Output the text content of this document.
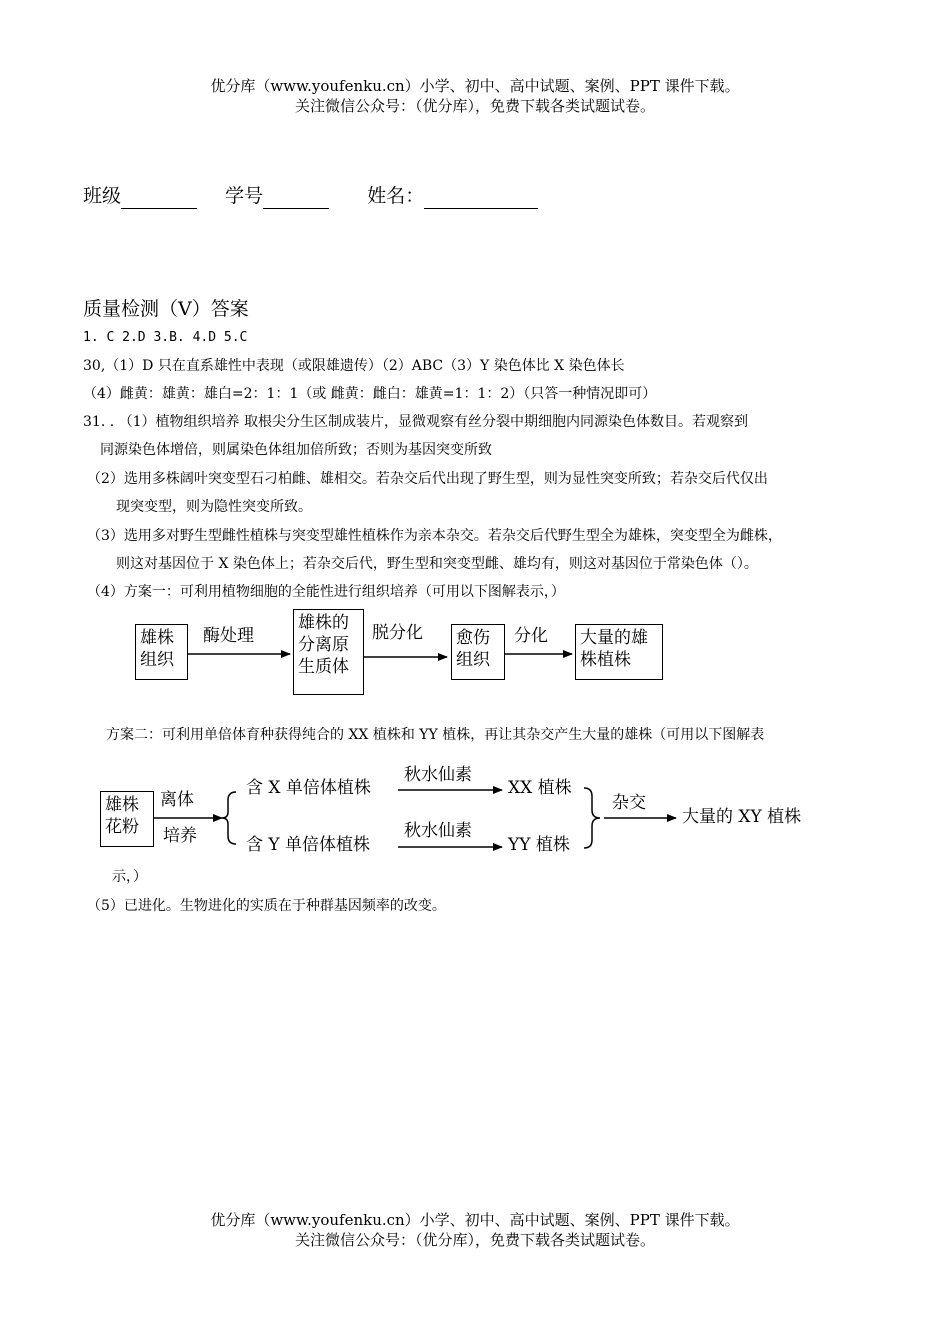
优分库（www.youfenku.cn）小学、初中、高中试题、案例、PPT 课件下载。
关注微信公众号：（优分库），免费下载各类试题试卷。
班级	学号	姓名：
质量检测（V）答案
1. C 2.D 3.B. 4.D 5.C
30,（1）D 只在直系雄性中表现（或限雄遗传）（2）ABC（3）Y 染色体比 X 染色体长
（4）雌黄：雄黄：雄白=2：1：1（或 雌黄：雌白：雄黄=1：1：2）（只答一种情况即可）
31. . （1）植物组织培养 取根尖分生区制成装片，显微观察有丝分裂中期细胞内同源染色体数目。若观察到
同源染色体增倍，则属染色体组加倍所致；否则为基因突变所致
（2）选用多株阔叶突变型石刁柏雌、雄相交。若杂交后代出现了野生型，则为显性突变所致；若杂交后代仅出
现突变型，则为隐性突变所致。
（3）选用多对野生型雌性植株与突变型雄性植株作为亲本杂交。若杂交后代野生型全为雄株，突变型全为雌株，
则这对基因位于 X 染色体上；若杂交后代，野生型和突变型雌、雄均有，则这对基因位于常染色体（）。
（4）方案一：可利用植物细胞的全能性进行组织培养（可用以下图解表示，）
雄株组织
酶处理
雄株的分离原生质体
脱分化 愈伤组织
分化 大量的雄株植株
方案二：可利用单倍体育种获得纯合的 XX 植株和 YY 植株，再让其杂交产生大量的雄株（可用以下图解表
雄株花粉
离体
培养
含 X 单倍体植株
含 Y 单倍体植株
秋水仙素
秋水仙素
XX 植株
YY 植株
杂交
大量的 XY 植株
示，）
（5）已进化。生物进化的实质在于种群基因频率的改变。
优分库（www.youfenku.cn）小学、初中、高中试题、案例、PPT 课件下载。
关注微信公众号：（优分库），免费下载各类试题试卷。
